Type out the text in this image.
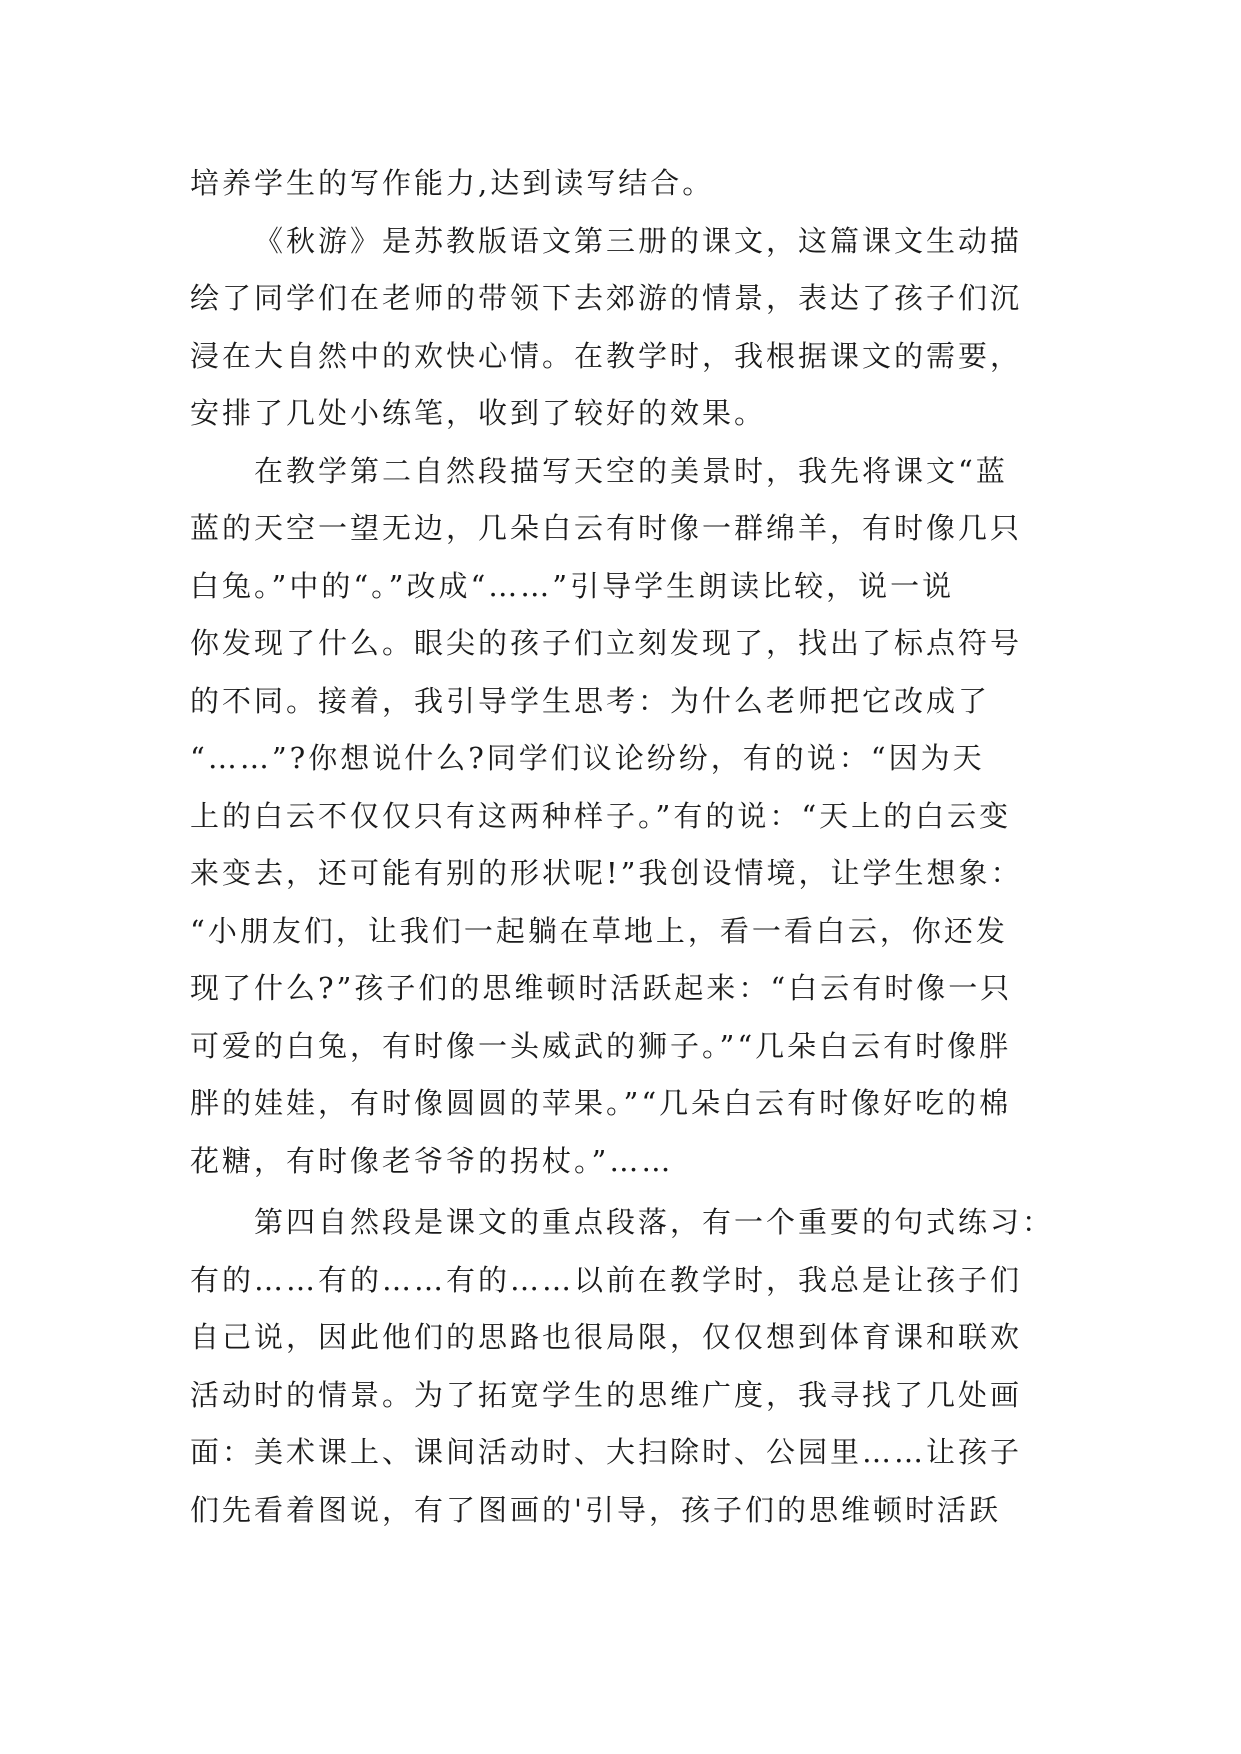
培养学生的写作能力,达到读写结合。
《秋游》是苏教版语文第三册的课文，这篇课文生动描
绘了同学们在老师的带领下去郊游的情景，表达了孩子们沉
浸在大自然中的欢快心情。在教学时，我根据课文的需要，
安排了几处小练笔，收到了较好的效果。
在教学第二自然段描写天空的美景时，我先将课文“蓝
蓝的天空一望无边，几朵白云有时像一群绵羊，有时像几只
白兔。”中的“。”改成“……”引导学生朗读比较，说一说
你发现了什么。眼尖的孩子们立刻发现了，找出了标点符号
的不同。接着，我引导学生思考：为什么老师把它改成了
“……”?你想说什么?同学们议论纷纷，有的说：“因为天
上的白云不仅仅只有这两种样子。”有的说：“天上的白云变
来变去，还可能有别的形状呢!”我创设情境，让学生想象：
“小朋友们，让我们一起躺在草地上，看一看白云，你还发
现了什么?”孩子们的思维顿时活跃起来：“白云有时像一只
可爱的白兔，有时像一头威武的狮子。”“几朵白云有时像胖
胖的娃娃，有时像圆圆的苹果。”“几朵白云有时像好吃的棉
花糖，有时像老爷爷的拐杖。”……
第四自然段是课文的重点段落，有一个重要的句式练习：
有的……有的……有的……以前在教学时，我总是让孩子们
自己说，因此他们的思路也很局限，仅仅想到体育课和联欢
活动时的情景。为了拓宽学生的思维广度，我寻找了几处画
面：美术课上、课间活动时、大扫除时、公园里……让孩子
们先看着图说，有了图画的'引导，孩子们的思维顿时活跃
